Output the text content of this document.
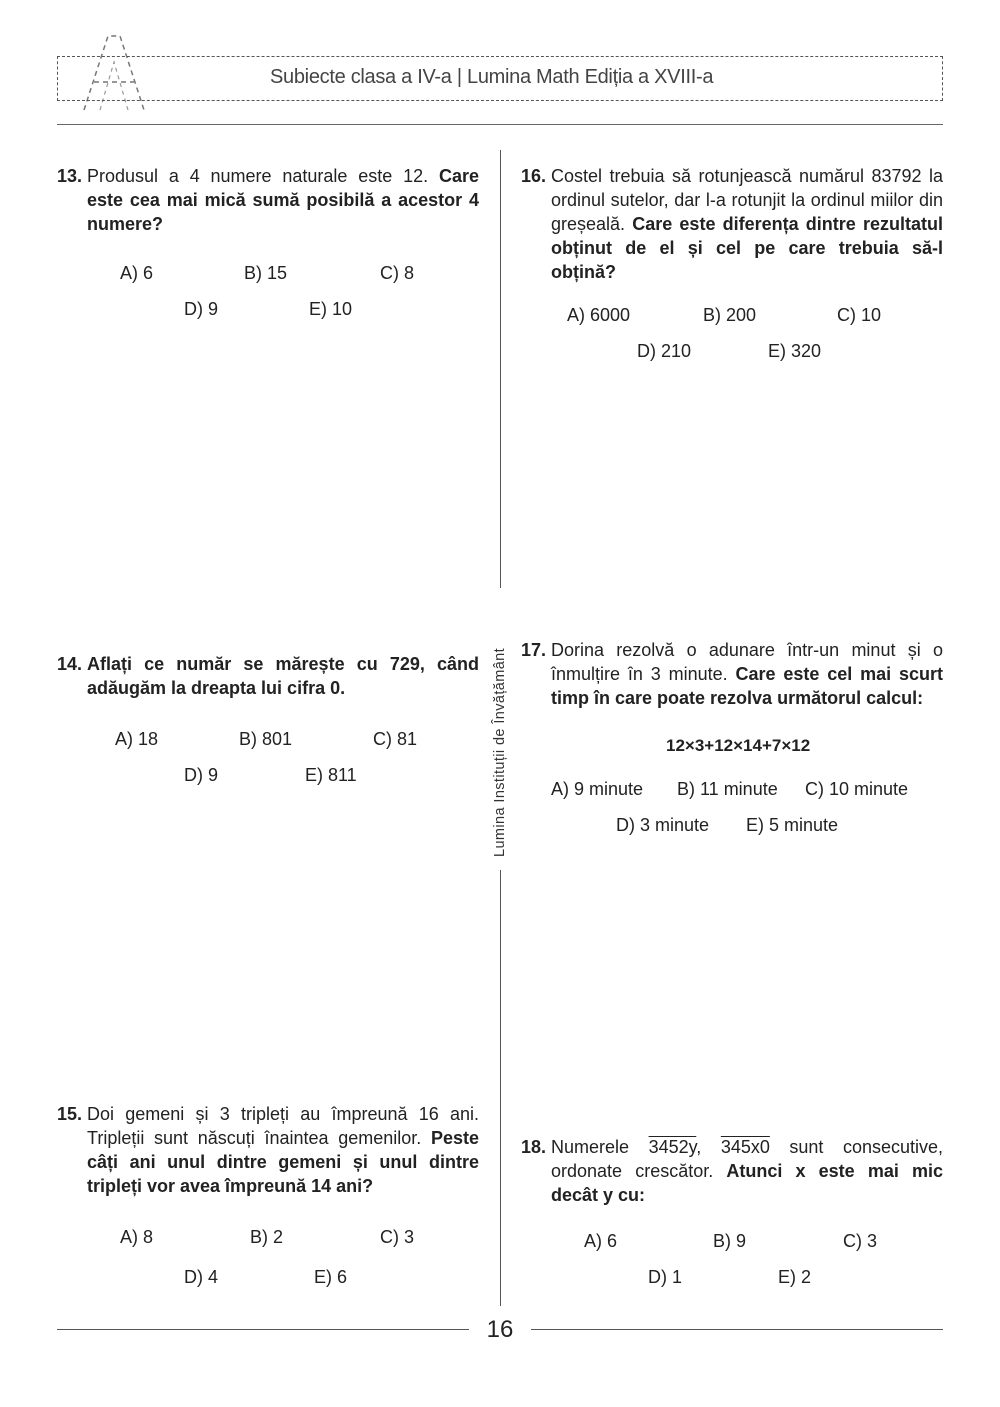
Subiecte clasa a IV-a | Lumina Math Ediția a XVIII-a
Lumina Instituții de Învățământ
13. Produsul a 4 numere naturale este 12. Care este cea mai mică sumă posibilă a acestor 4 numere?
A) 6	B) 15	C) 8
D) 9	E) 10
14. Aflați ce număr se mărește cu 729, când adăugăm la dreapta lui cifra 0.
A) 18	B) 801	C) 81
D) 9	E) 811
15. Doi gemeni și 3 tripleți au împreună 16 ani. Tripleții sunt născuți înaintea gemenilor. Peste câți ani unul dintre gemeni și unul dintre tripleți vor avea împreună 14 ani?
A) 8	B) 2	C) 3
D) 4	E) 6
16. Costel trebuia să rotunjească numărul 83792 la ordinul sutelor, dar l-a rotunjit la ordinul miilor din greșeală. Care este diferența dintre rezultatul obținut de el și cel pe care trebuia să-l obțină?
A) 6000	B) 200	C) 10
D) 210	E) 320
17. Dorina rezolvă o adunare într-un minut și o înmulțire în 3 minute. Care este cel mai scurt timp în care poate rezolva următorul calcul:
12×3+12×14+7×12
A) 9 minute B) 11 minute C) 10 minute
D) 3 minute E) 5 minute
18. Numerele 3452y, 345x0 sunt consecutive, ordonate crescător. Atunci x este mai mic decât y cu:
A) 6	B) 9	C) 3
D) 1	E) 2
16
